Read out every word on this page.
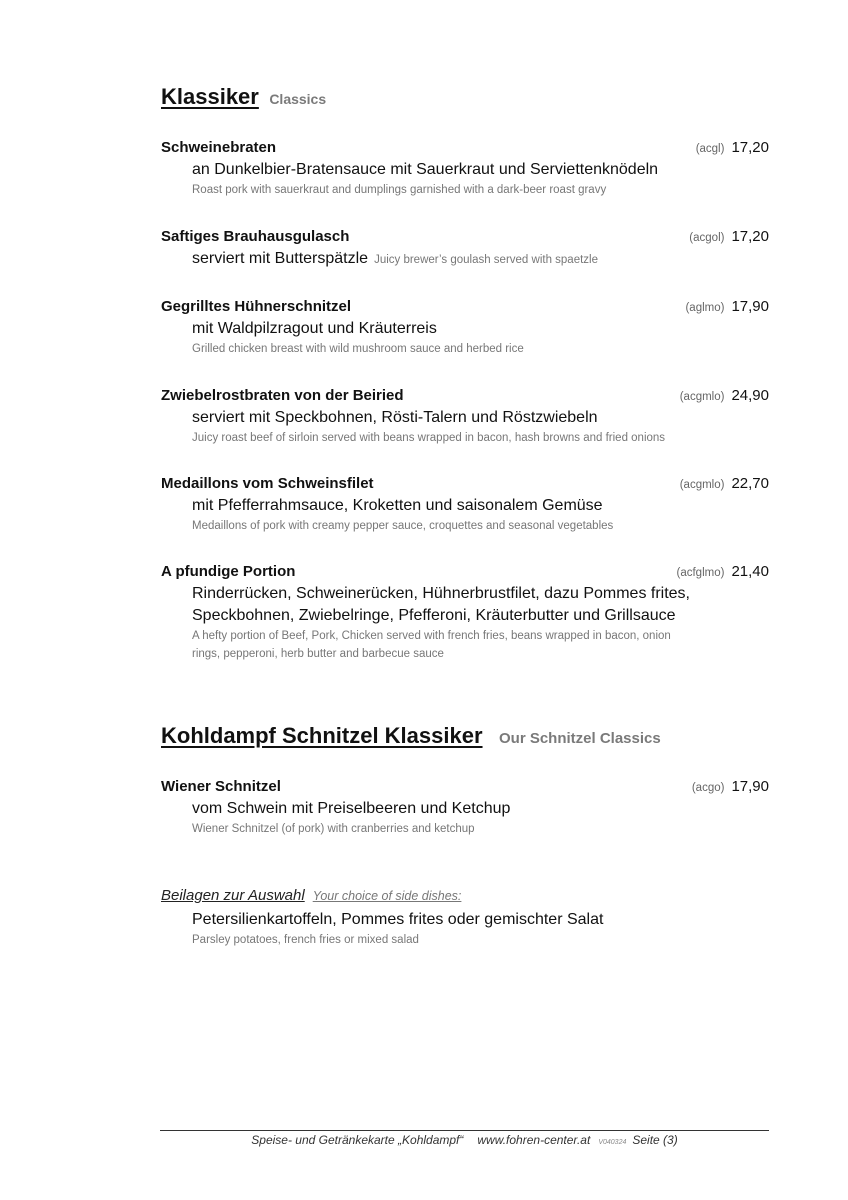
Klassiker Classics
Schweinebraten	(acgl) 17,20
an Dunkelbier-Bratensauce mit Sauerkraut und Serviettenknödeln
Roast pork with sauerkraut and dumplings garnished with a dark-beer roast gravy
Saftiges Brauhausgulasch	(acgol) 17,20
serviert mit Butterspätzle Juicy brewer’s goulash served with spaetzle
Gegrilltes Hühnerschnitzel	(aglmo) 17,90
mit Waldpilzragout und Kräuterreis
Grilled chicken breast with wild mushroom sauce and herbed rice
Zwiebelrostbraten von der Beiried	(acgmlo) 24,90
serviert mit Speckbohnen, Rösti-Talern und Röstzwiebeln
Juicy roast beef of sirloin served with beans wrapped in bacon, hash browns and fried onions
Medaillons vom Schweinsfilet	(acgmlo) 22,70
mit Pfefferrahmsauce, Kroketten und saisonalem Gemüse
Medaillons of pork with creamy pepper sauce, croquettes and seasonal vegetables
A pfundige Portion	(acfglmo) 21,40
Rinderrücken, Schweinerücken, Hühnerbrustfilet, dazu Pommes frites,
Speckbohnen, Zwiebelringe, Pfefferoni, Kräuterbutter und Grillsauce
A hefty portion of Beef, Pork, Chicken served with french fries, beans wrapped in bacon, onion
rings, pepperoni, herb butter and barbecue sauce
Kohldampf Schnitzel Klassiker Our Schnitzel Classics
Wiener Schnitzel	(acgo) 17,90
vom Schwein mit Preiselbeeren und Ketchup
Wiener Schnitzel (of pork) with cranberries and ketchup
Beilagen zur Auswahl Your choice of side dishes:
Petersilienkartoffeln, Pommes frites oder gemischter Salat
Parsley potatoes, french fries or mixed salad
Speise- und Getränkekarte „Kohldampf“ www.fohren-center.at V040324 Seite (3)
